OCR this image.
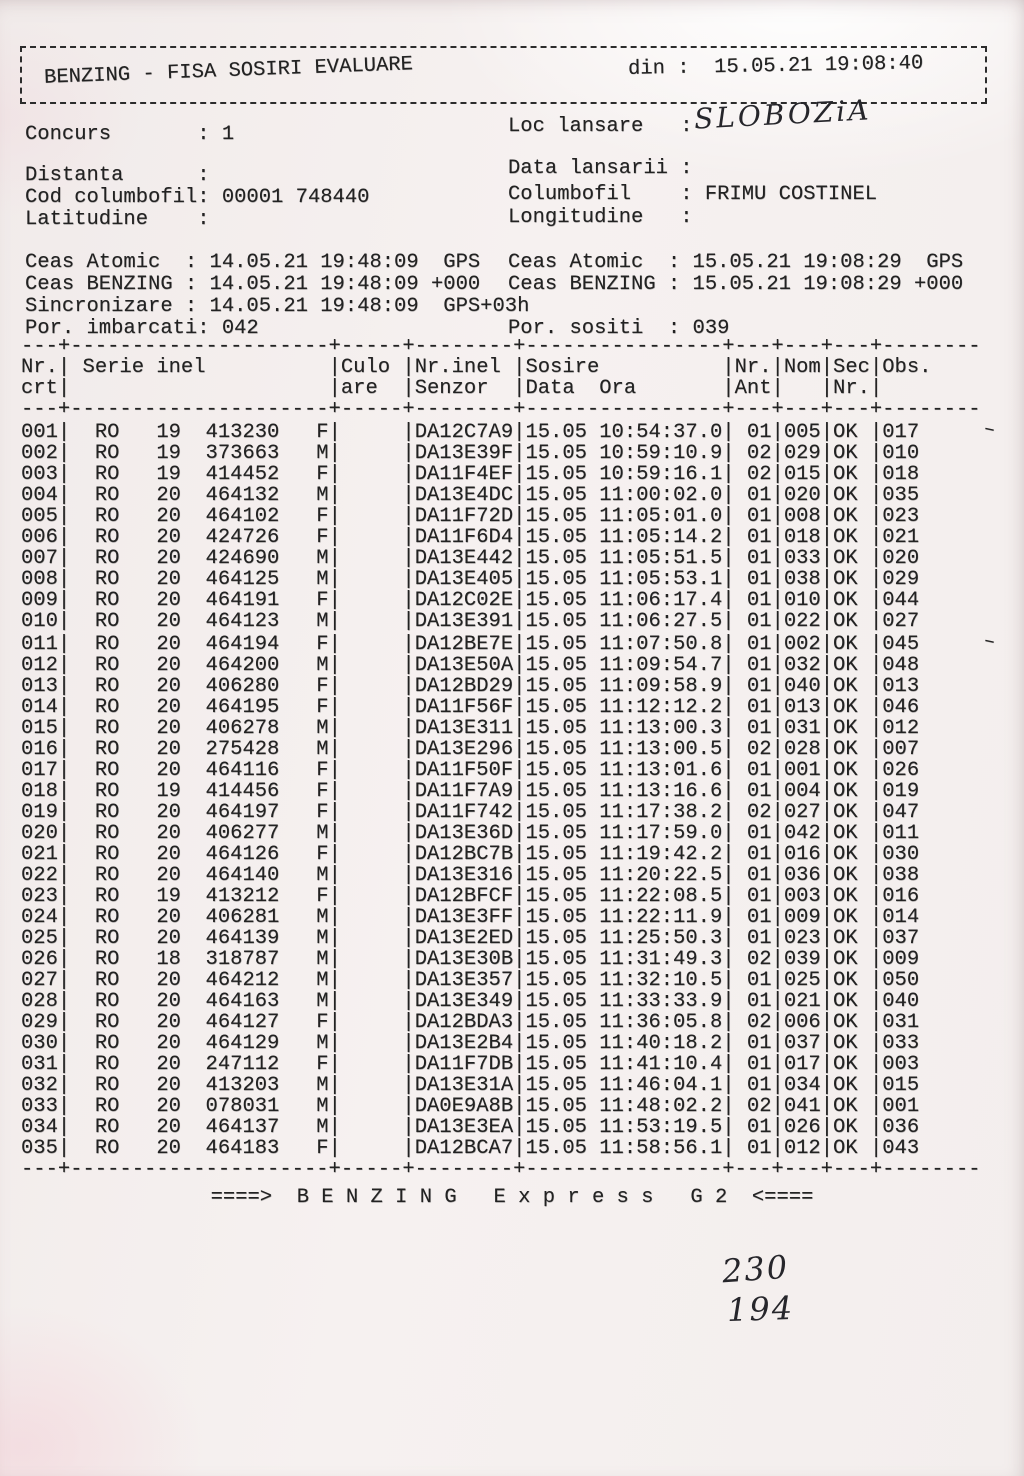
BENZING - FISA SOSIRI EVALUARE	din :  15.05.21 19:08:40
Concurs       : 1
Distanta      :
Cod columbofil: 00001 748440
Latitudine    :
Loc lansare   :
Data lansarii :
Columbofil    : FRIMU COSTINEL
Longitudine   :
SLOBOZiA
Ceas Atomic  : 14.05.21 19:48:09  GPS Ceas Atomic  : 15.05.21 19:08:29  GPS
Ceas BENZING : 14.05.21 19:48:09 +000 Ceas BENZING : 15.05.21 19:08:29 +000
Sincronizare : 14.05.21 19:48:09  GPS+03h
Por. imbarcati: 042	Por. sositi  : 039
---+---------------------+-----+--------+----------------+---+---+---+--------
Nr.| Serie inel          |Culo |Nr.inel |Sosire          |Nr.|Nom|Sec|Obs.
crt|	|are  |Senzor  |Data  Ora       |Ant| |Nr.|
---+---------------------+-----+--------+----------------+---+---+---+--------
001|  RO   19  413230   F|	|DA12C7A9|15.05 10:54:37.0| 01|005|OK |017     –
002|  RO   19  373663   M|	|DA13E39F|15.05 10:59:10.9| 02|029|OK |010
003|  RO   19  414452   F|	|DA11F4EF|15.05 10:59:16.1| 02|015|OK |018
004|  RO   20  464132   M|	|DA13E4DC|15.05 11:00:02.0| 01|020|OK |035
005|  RO   20  464102   F|	|DA11F72D|15.05 11:05:01.0| 01|008|OK |023
006|  RO   20  424726   F|	|DA11F6D4|15.05 11:05:14.2| 01|018|OK |021
007|  RO   20  424690   M|	|DA13E442|15.05 11:05:51.5| 01|033|OK |020
008|  RO   20  464125   M|	|DA13E405|15.05 11:05:53.1| 01|038|OK |029
009|  RO   20  464191   F|	|DA12C02E|15.05 11:06:17.4| 01|010|OK |044
010|  RO   20  464123   M|	|DA13E391|15.05 11:06:27.5| 01|022|OK |027
011|  RO   20  464194   F|	|DA12BE7E|15.05 11:07:50.8| 01|002|OK |045     –
012|  RO   20  464200   M|	|DA13E50A|15.05 11:09:54.7| 01|032|OK |048
013|  RO   20  406280   F|	|DA12BD29|15.05 11:09:58.9| 01|040|OK |013
014|  RO   20  464195   F|	|DA11F56F|15.05 11:12:12.2| 01|013|OK |046
015|  RO   20  406278   M|	|DA13E311|15.05 11:13:00.3| 01|031|OK |012
016|  RO   20  275428   M|	|DA13E296|15.05 11:13:00.5| 02|028|OK |007
017|  RO   20  464116   F|	|DA11F50F|15.05 11:13:01.6| 01|001|OK |026
018|  RO   19  414456   F|	|DA11F7A9|15.05 11:13:16.6| 01|004|OK |019
019|  RO   20  464197   F|	|DA11F742|15.05 11:17:38.2| 02|027|OK |047
020|  RO   20  406277   M|	|DA13E36D|15.05 11:17:59.0| 01|042|OK |011
021|  RO   20  464126   F|	|DA12BC7B|15.05 11:19:42.2| 01|016|OK |030
022|  RO   20  464140   M|	|DA13E316|15.05 11:20:22.5| 01|036|OK |038
023|  RO   19  413212   F|	|DA12BFCF|15.05 11:22:08.5| 01|003|OK |016
024|  RO   20  406281   M|	|DA13E3FF|15.05 11:22:11.9| 01|009|OK |014
025|  RO   20  464139   M|	|DA13E2ED|15.05 11:25:50.3| 01|023|OK |037
026|  RO   18  318787   M|	|DA13E30B|15.05 11:31:49.3| 02|039|OK |009
027|  RO   20  464212   M|	|DA13E357|15.05 11:32:10.5| 01|025|OK |050
028|  RO   20  464163   M|	|DA13E349|15.05 11:33:33.9| 01|021|OK |040
029|  RO   20  464127   F|	|DA12BDA3|15.05 11:36:05.8| 02|006|OK |031
030|  RO   20  464129   M|	|DA13E2B4|15.05 11:40:18.2| 01|037|OK |033
031|  RO   20  247112   F|	|DA11F7DB|15.05 11:41:10.4| 01|017|OK |003
032|  RO   20  413203   M|	|DA13E31A|15.05 11:46:04.1| 01|034|OK |015
033|  RO   20  078031   M|	|DA0E9A8B|15.05 11:48:02.2| 02|041|OK |001
034|  RO   20  464137   M|	|DA13E3EA|15.05 11:53:19.5| 01|026|OK |036
035|  RO   20  464183   F|	|DA12BCA7|15.05 11:58:56.1| 01|012|OK |043
---+---------------------+-----+--------+----------------+---+---+---+--------
====>  B E N Z I N G   E x p r e s s   G 2  <====
230
194
